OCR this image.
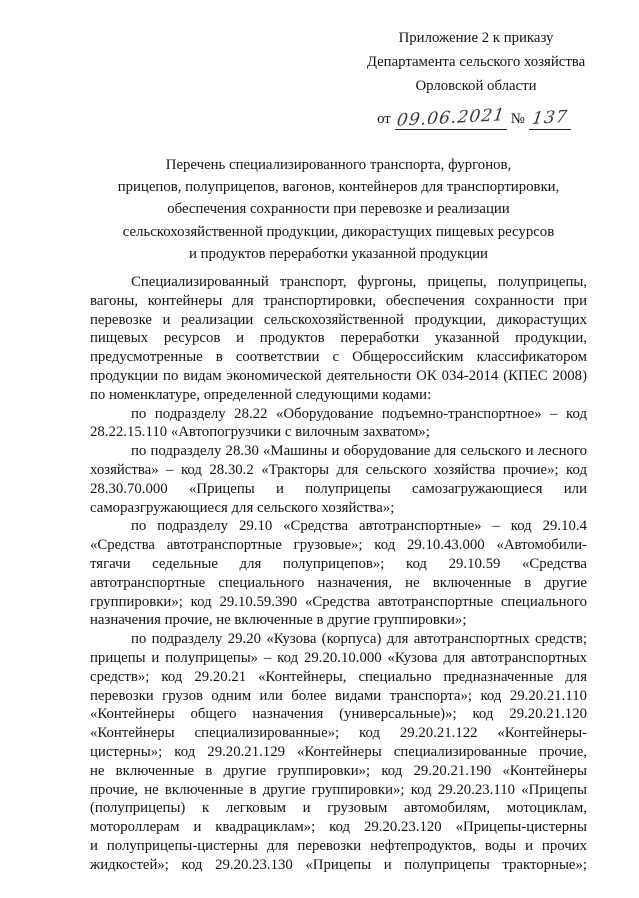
Приложение 2 к приказу
Департамента сельского хозяйства
Орловской области
от 09.06.2021 № 137
Перечень специализированного транспорта, фургонов,
прицепов, полуприцепов, вагонов, контейнеров для транспортировки,
обеспечения сохранности при перевозке и реализации
сельскохозяйственной продукции, дикорастущих пищевых ресурсов
и продуктов переработки указанной продукции
Специализированный транспорт, фургоны, прицепы, полуприцепы,
вагоны, контейнеры для транспортировки, обеспечения сохранности при
перевозке и реализации сельскохозяйственной продукции, дикорастущих
пищевых ресурсов и продуктов переработки указанной продукции,
предусмотренные в соответствии с Общероссийским классификатором
продукции по видам экономической деятельности ОК 034-2014 (КПЕС 2008)
по номенклатуре, определенной следующими кодами:
по подразделу 28.22 «Оборудование подъемно-транспортное» – код
28.22.15.110 «Автопогрузчики с вилочным захватом»;
по подразделу 28.30 «Машины и оборудование для сельского и лесного
хозяйства» – код 28.30.2 «Тракторы для сельского хозяйства прочие»; код
28.30.70.000 «Прицепы и полуприцепы самозагружающиеся или
саморазгружающиеся для сельского хозяйства»;
по подразделу 29.10 «Средства автотранспортные» – код 29.10.4
«Средства автотранспортные грузовые»; код 29.10.43.000 «Автомобили-
тягачи седельные для полуприцепов»; код 29.10.59 «Средства
автотранспортные специального назначения, не включенные в другие
группировки»; код 29.10.59.390 «Средства автотранспортные специального
назначения прочие, не включенные в другие группировки»;
по подразделу 29.20 «Кузова (корпуса) для автотранспортных средств;
прицепы и полуприцепы» – код 29.20.10.000 «Кузова для автотранспортных
средств»; код 29.20.21 «Контейнеры, специально предназначенные для
перевозки грузов одним или более видами транспорта»; код 29.20.21.110
«Контейнеры общего назначения (универсальные)»; код 29.20.21.120
«Контейнеры специализированные»; код 29.20.21.122 «Контейнеры-
цистерны»; код 29.20.21.129 «Контейнеры специализированные прочие,
не включенные в другие группировки»; код 29.20.21.190 «Контейнеры
прочие, не включенные в другие группировки»; код 29.20.23.110 «Прицепы
(полуприцепы) к легковым и грузовым автомобилям, мотоциклам,
мотороллерам и квадрациклам»; код 29.20.23.120 «Прицепы-цистерны
и полуприцепы-цистерны для перевозки нефтепродуктов, воды и прочих
жидкостей»; код 29.20.23.130 «Прицепы и полуприцепы тракторные»;
